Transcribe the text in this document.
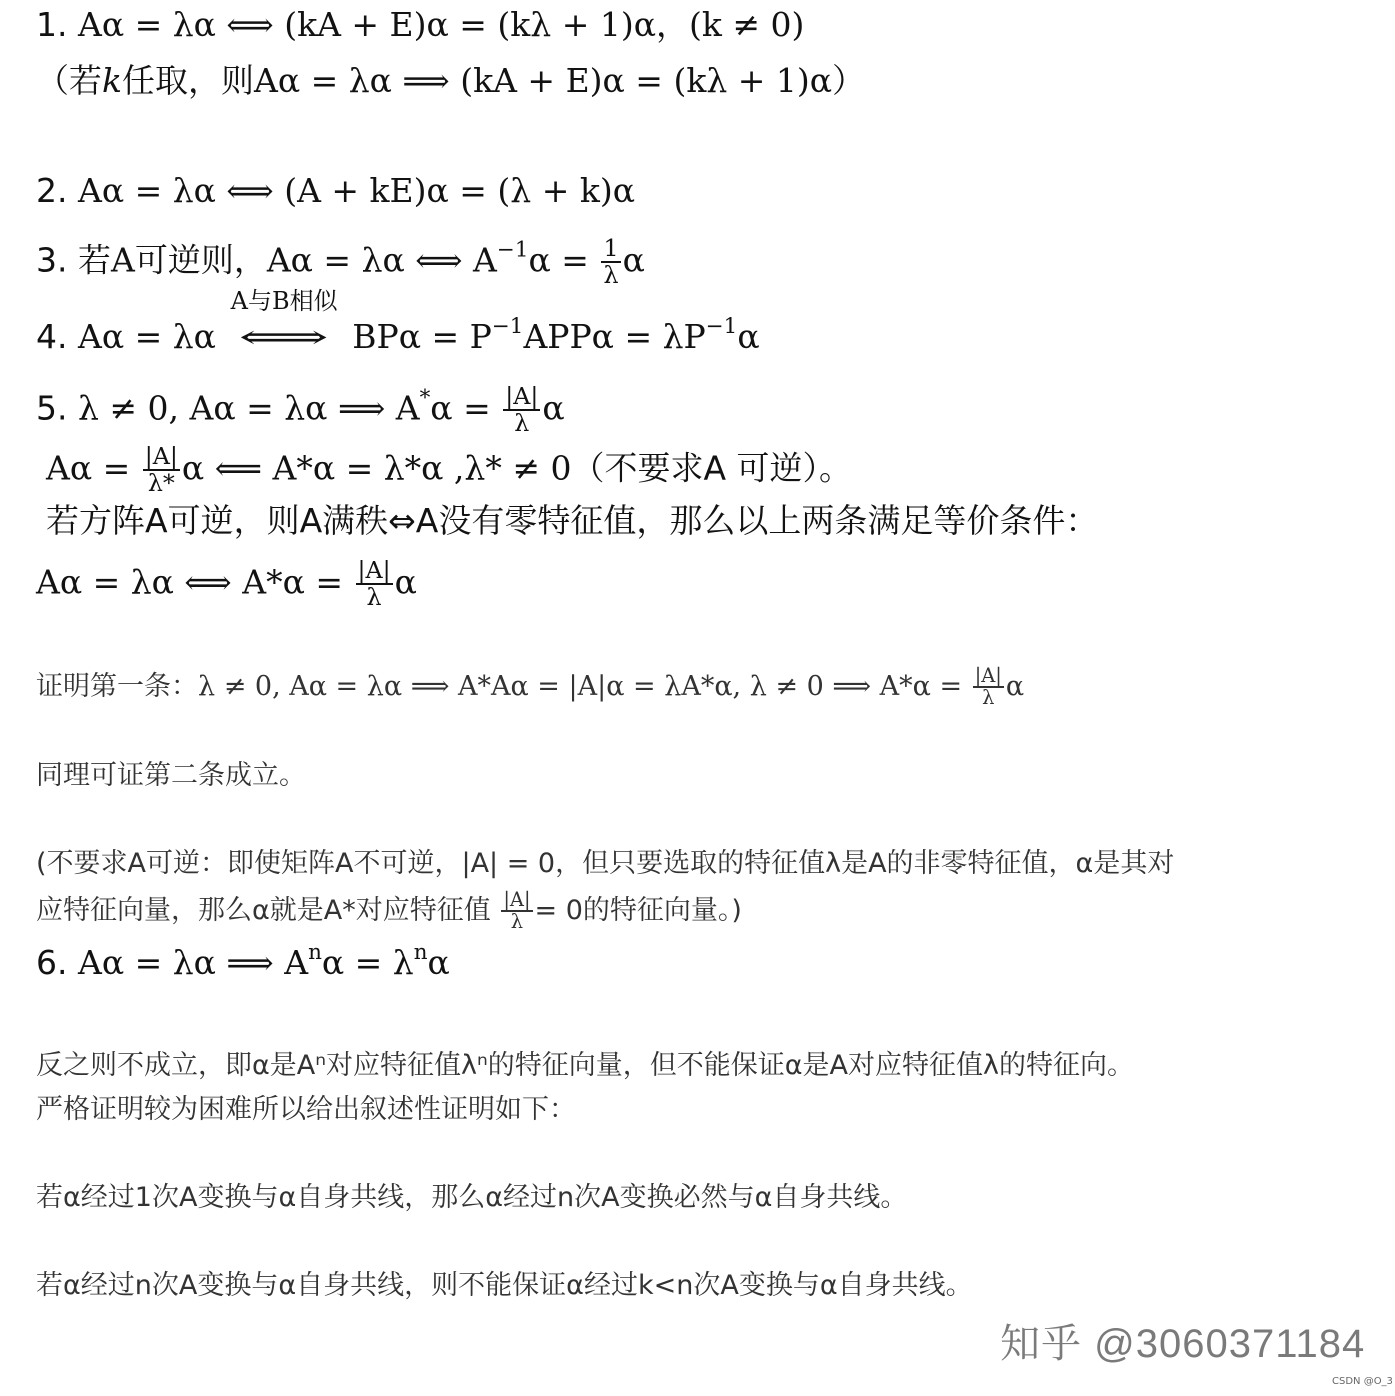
1. Aα = λα ⟺ (kA + E)α = (kλ + 1)α，(k ≠ 0)
（若k任取，则Aα = λα ⟹ (kA + E)α = (kλ + 1)α）
2. Aα = λα ⟺ (A + kE)α = (λ + k)α
3. 若A可逆则，Aα = λα ⟺ $A^{-1}\alpha = \frac{1}{\lambda}$ α
4. Aα = λα
A与B相似
⟺ $BP\alpha = P^{-1}APP\alpha = \lambda P^{-1}\alpha$
5. λ ≠ 0, Aα = λα ⟹ $A^*\alpha = \frac{|A|}{\lambda}$ α
$A\alpha = \frac{|A|}{\lambda*}$ α ⟸ A*α = λ*α ,λ* ≠ 0（不要求A 可逆）。
若方阵A可逆，则A满秩⇔A没有零特征值，那么以上两条满足等价条件：
Aα = λα ⟺ $A*\alpha = \frac{|A|}{\lambda}$ α
证明第一条：λ ≠ 0, Aα = λα ⟹ A*Aα = |A|α = λA*α, λ ≠ 0 ⟹ $A*\alpha = \frac{|A|}{\lambda}$ α
同理可证第二条成立。
(不要求A可逆：即使矩阵A不可逆，|A| = 0，但只要选取的特征值λ是A的非零特征值，α是其对
应特征向量，那么α就是A*对应特征值 $\frac{|A|}{\lambda} = 0$的特征向量。)
6. Aα = λα ⟹ $A^n\alpha = \lambda^n\alpha$
反之则不成立，即α是Aⁿ对应特征值λⁿ的特征向量，但不能保证α是A对应特征值λ的特征向。
严格证明较为困难所以给出叙述性证明如下：
若α经过1次A变换与α自身共线，那么α经过n次A变换必然与α自身共线。
若α经过n次A变换与α自身共线，则不能保证α经过k<n次A变换与α自身共线。
知乎 @3060371184
CSDN @O_3
